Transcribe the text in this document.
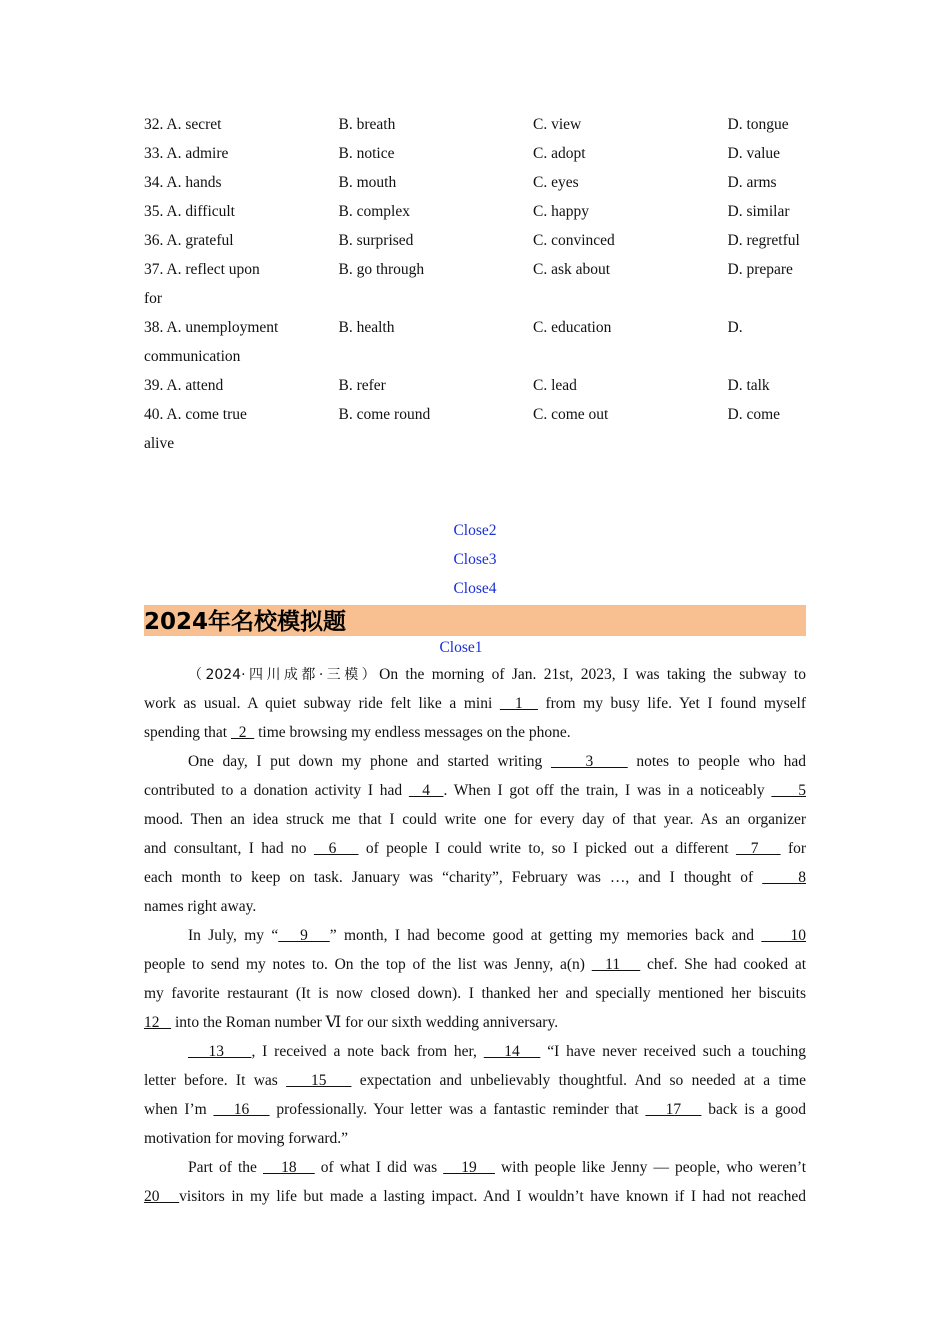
32. A. secret	B. breath	C. view	D. tongue
33. A. admire	B. notice	C. adopt	D. value
34. A. hands	B. mouth	C. eyes	D. arms
35. A. difficult	B. complex	C. happy	D. similar
36. A. grateful	B. surprised	C. convinced	D. regretful
37. A. reflect upon	B. go through	C. ask about	D. prepare
for
38. A. unemployment	B. health	C. education	D.
communication
39. A. attend	B. refer	C. lead	D. talk
40. A. come true	B. come round	C. come out	D. come
alive
Close2
Close3
Close4
2024年名校模拟题
Close1
（2024·四川成都·三模）On the morning of Jan. 21st, 2023, I was taking the subway to
work as usual. A quiet subway ride felt like a mini   1   from my busy life. Yet I found myself
spending that   2   time browsing my endless messages on the phone.
One day, I put down my phone and started writing     3     notes to people who had
contributed to a donation activity I had   4  . When I got off the train, I was in a noticeably     5
mood. Then an idea struck me that I could write one for every day of that year. As an organizer
and consultant, I had no   6    of people I could write to, so I picked out a different   7    for
each month to keep on task. January was “charity”, February was …, and I thought of     8
names right away.
In July, my “   9   ” month, I had become good at getting my memories back and     10
people to send my notes to. On the top of the list was Jenny, a(n)   11    chef. She had cooked at
my favorite restaurant (It is now closed down). I thanked her and specially mentioned her biscuits
12    into the Roman number Ⅵ for our sixth wedding anniversary.
13    , I received a note back from her,    14    “I have never received such a touching
letter before. It was    15    expectation and unbelievably thoughtful. And so needed at a time
when I’m    16    professionally. Your letter was a fantastic reminder that    17    back is a good
motivation for moving forward.”
Part of the    18    of what I did was    19    with people like Jenny — people, who weren’t
20   visitors in my life but made a lasting impact. And I wouldn’t have known if I had not reached
